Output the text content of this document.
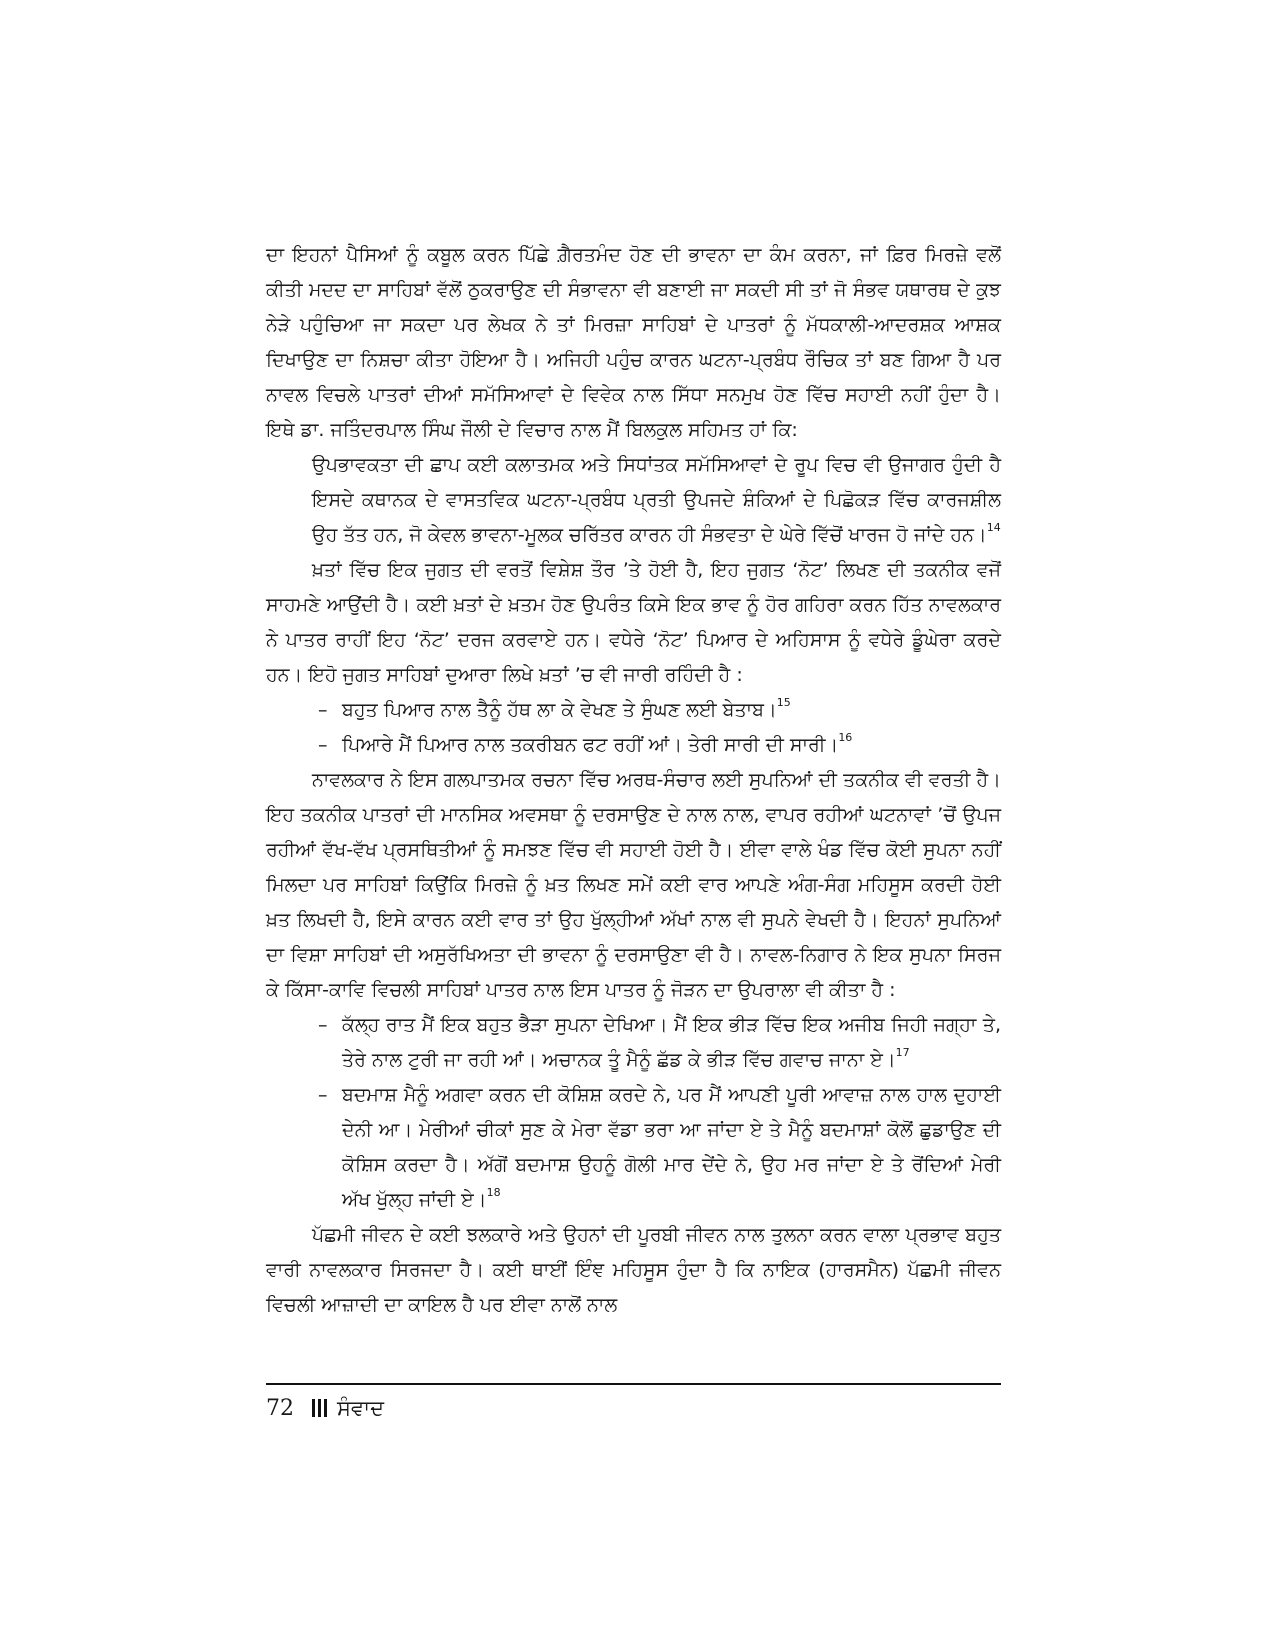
ਦਾ ਇਹਨਾਂ ਪੈਸਿਆਂ ਨੂੰ ਕਬੂਲ ਕਰਨ ਪਿੱਛੇ ਗ਼ੈਰਤਮੰਦ ਹੋਣ ਦੀ ਭਾਵਨਾ ਦਾ ਕੰਮ ਕਰਨਾ, ਜਾਂ ਫ਼ਿਰ ਮਿਰਜ਼ੇ ਵਲੋਂ ਕੀਤੀ ਮਦਦ ਦਾ ਸਾਹਿਬਾਂ ਵੱਲੋਂ ਠੁਕਰਾਉਣ ਦੀ ਸੰਭਾਵਨਾ ਵੀ ਬਣਾਈ ਜਾ ਸਕਦੀ ਸੀ ਤਾਂ ਜੋ ਸੰਭਵ ਯਥਾਰਥ ਦੇ ਕੁਝ ਨੇੜੇ ਪਹੁੰਚਿਆ ਜਾ ਸਕਦਾ ਪਰ ਲੇਖਕ ਨੇ ਤਾਂ ਮਿਰਜ਼ਾ ਸਾਹਿਬਾਂ ਦੇ ਪਾਤਰਾਂ ਨੂੰ ਮੱਧਕਾਲੀ-ਆਦਰਸ਼ਕ ਆਸ਼ਕ ਦਿਖਾਉਣ ਦਾ ਨਿਸ਼ਚਾ ਕੀਤਾ ਹੋਇਆ ਹੈ। ਅਜਿਹੀ ਪਹੁੰਚ ਕਾਰਨ ਘਟਨਾ-ਪ੍ਰਬੰਧ ਰੌਚਿਕ ਤਾਂ ਬਣ ਗਿਆ ਹੈ ਪਰ ਨਾਵਲ ਵਿਚਲੇ ਪਾਤਰਾਂ ਦੀਆਂ ਸਮੱਸਿਆਵਾਂ ਦੇ ਵਿਵੇਕ ਨਾਲ ਸਿੱਧਾ ਸਨਮੁਖ ਹੋਣ ਵਿੱਚ ਸਹਾਈ ਨਹੀਂ ਹੁੰਦਾ ਹੈ। ਇਥੇ ਡਾ. ਜਤਿੰਦਰਪਾਲ ਸਿੰਘ ਜੌਲੀ ਦੇ ਵਿਚਾਰ ਨਾਲ ਮੈਂ ਬਿਲਕੁਲ ਸਹਿਮਤ ਹਾਂ ਕਿ:

ਉਪਭਾਵਕਤਾ ਦੀ ਛਾਪ ਕਈ ਕਲਾਤਮਕ ਅਤੇ ਸਿਧਾਂਤਕ ਸਮੱਸਿਆਵਾਂ ਦੇ ਰੂਪ ਵਿਚ ਵੀ ਉਜਾਗਰ ਹੁੰਦੀ ਹੈ ਇਸਦੇ ਕਥਾਨਕ ਦੇ ਵਾਸਤਵਿਕ ਘਟਨਾ-ਪ੍ਰਬੰਧ ਪ੍ਰਤੀ ਉਪਜਦੇ ਸ਼ੰਕਿਆਂ ਦੇ ਪਿਛੋਕੜ ਵਿੱਚ ਕਾਰਜਸ਼ੀਲ ਉਹ ਤੱਤ ਹਨ, ਜੋ ਕੇਵਲ ਭਾਵਨਾ-ਮੂਲਕ ਚਰਿੱਤਰ ਕਾਰਨ ਹੀ ਸੰਭਵਤਾ ਦੇ ਘੇਰੇ ਵਿੱਚੋਂ ਖਾਰਜ ਹੋ ਜਾਂਦੇ ਹਨ।$^{14}$

ਖ਼ਤਾਂ ਵਿੱਚ ਇਕ ਜੁਗਤ ਦੀ ਵਰਤੋਂ ਵਿਸ਼ੇਸ਼ ਤੌਰ ’ਤੇ ਹੋਈ ਹੈ, ਇਹ ਜੁਗਤ ‘ਨੋਟ’ ਲਿਖਣ ਦੀ ਤਕਨੀਕ ਵਜੋਂ ਸਾਹਮਣੇ ਆਉਂਦੀ ਹੈ। ਕਈ ਖ਼ਤਾਂ ਦੇ ਖ਼ਤਮ ਹੋਣ ਉਪਰੰਤ ਕਿਸੇ ਇਕ ਭਾਵ ਨੂੰ ਹੋਰ ਗਹਿਰਾ ਕਰਨ ਹਿੱਤ ਨਾਵਲਕਾਰ ਨੇ ਪਾਤਰ ਰਾਹੀਂ ਇਹ ‘ਨੋਟ’ ਦਰਜ ਕਰਵਾਏ ਹਨ। ਵਧੇਰੇ ‘ਨੋਟ’ ਪਿਆਰ ਦੇ ਅਹਿਸਾਸ ਨੂੰ ਵਧੇਰੇ ਡੂੰਘੇਰਾ ਕਰਦੇ ਹਨ। ਇਹੋ ਜੁਗਤ ਸਾਹਿਬਾਂ ਦੁਆਰਾ ਲਿਖੇ ਖ਼ਤਾਂ ’ਚ ਵੀ ਜਾਰੀ ਰਹਿੰਦੀ ਹੈ :

– ਬਹੁਤ ਪਿਆਰ ਨਾਲ ਤੈਨੂੰ ਹੱਥ ਲਾ ਕੇ ਵੇਖਣ ਤੇ ਸੁੰਘਣ ਲਈ ਬੇਤਾਬ।$^{15}$

– ਪਿਆਰੇ ਮੈਂ ਪਿਆਰ ਨਾਲ ਤਕਰੀਬਨ ਫਟ ਰਹੀਂ ਆਂ। ਤੇਰੀ ਸਾਰੀ ਦੀ ਸਾਰੀ।$^{16}$

ਨਾਵਲਕਾਰ ਨੇ ਇਸ ਗਲਪਾਤਮਕ ਰਚਨਾ ਵਿੱਚ ਅਰਥ-ਸੰਚਾਰ ਲਈ ਸੁਪਨਿਆਂ ਦੀ ਤਕਨੀਕ ਵੀ ਵਰਤੀ ਹੈ। ਇਹ ਤਕਨੀਕ ਪਾਤਰਾਂ ਦੀ ਮਾਨਸਿਕ ਅਵਸਥਾ ਨੂੰ ਦਰਸਾਉਣ ਦੇ ਨਾਲ ਨਾਲ, ਵਾਪਰ ਰਹੀਆਂ ਘਟਨਾਵਾਂ ’ਚੋਂ ਉਪਜ ਰਹੀਆਂ ਵੱਖ-ਵੱਖ ਪ੍ਰਸਥਿਤੀਆਂ ਨੂੰ ਸਮਝਣ ਵਿੱਚ ਵੀ ਸਹਾਈ ਹੋਈ ਹੈ। ਈਵਾ ਵਾਲੇ ਖੰਡ ਵਿੱਚ ਕੋਈ ਸੁਪਨਾ ਨਹੀਂ ਮਿਲਦਾ ਪਰ ਸਾਹਿਬਾਂ ਕਿਉਂਕਿ ਮਿਰਜ਼ੇ ਨੂੰ ਖ਼ਤ ਲਿਖਣ ਸਮੇਂ ਕਈ ਵਾਰ ਆਪਣੇ ਅੰਗ-ਸੰਗ ਮਹਿਸੂਸ ਕਰਦੀ ਹੋਈ ਖ਼ਤ ਲਿਖਦੀ ਹੈ, ਇਸੇ ਕਾਰਨ ਕਈ ਵਾਰ ਤਾਂ ਉਹ ਖੁੱਲ੍ਹੀਆਂ ਅੱਖਾਂ ਨਾਲ ਵੀ ਸੁਪਨੇ ਵੇਖਦੀ ਹੈ। ਇਹਨਾਂ ਸੁਪਨਿਆਂ ਦਾ ਵਿਸ਼ਾ ਸਾਹਿਬਾਂ ਦੀ ਅਸੁਰੱਖਿਅਤਾ ਦੀ ਭਾਵਨਾ ਨੂੰ ਦਰਸਾਉਣਾ ਵੀ ਹੈ। ਨਾਵਲ-ਨਿਗਾਰ ਨੇ ਇਕ ਸੁਪਨਾ ਸਿਰਜ ਕੇ ਕਿੱਸਾ-ਕਾਵਿ ਵਿਚਲੀ ਸਾਹਿਬਾਂ ਪਾਤਰ ਨਾਲ ਇਸ ਪਾਤਰ ਨੂੰ ਜੋੜਨ ਦਾ ਉਪਰਾਲਾ ਵੀ ਕੀਤਾ ਹੈ :

– ਕੱਲ੍ਹ ਰਾਤ ਮੈਂ ਇਕ ਬਹੁਤ ਭੈੜਾ ਸੁਪਨਾ ਦੇਖਿਆ। ਮੈਂ ਇਕ ਭੀੜ ਵਿੱਚ ਇਕ ਅਜੀਬ ਜਿਹੀ ਜਗ੍ਹਾ ਤੇ, ਤੇਰੇ ਨਾਲ ਟੁਰੀ ਜਾ ਰਹੀ ਆਂ। ਅਚਾਨਕ ਤੂੰ ਮੈਨੂੰ ਛੱਡ ਕੇ ਭੀੜ ਵਿੱਚ ਗਵਾਚ ਜਾਨਾ ਏ।$^{17}$

– ਬਦਮਾਸ਼ ਮੈਨੂੰ ਅਗਵਾ ਕਰਨ ਦੀ ਕੋਸ਼ਿਸ਼ ਕਰਦੇ ਨੇ, ਪਰ ਮੈਂ ਆਪਣੀ ਪੂਰੀ ਆਵਾਜ਼ ਨਾਲ ਹਾਲ ਦੁਹਾਈ ਦੇਨੀ ਆ। ਮੇਰੀਆਂ ਚੀਕਾਂ ਸੁਣ ਕੇ ਮੇਰਾ ਵੱਡਾ ਭਰਾ ਆ ਜਾਂਦਾ ਏ ਤੇ ਮੈਨੂੰ ਬਦਮਾਸ਼ਾਂ ਕੋਲੋਂ ਛੁਡਾਉਣ ਦੀ ਕੋਸ਼ਿਸ ਕਰਦਾ ਹੈ। ਅੱਗੋਂ ਬਦਮਾਸ਼ ਉਹਨੂੰ ਗੋਲੀ ਮਾਰ ਦੇਂਦੇ ਨੇ, ਉਹ ਮਰ ਜਾਂਦਾ ਏ ਤੇ ਰੋਂਦਿਆਂ ਮੇਰੀ ਅੱਖ ਖੁੱਲ੍ਹ ਜਾਂਦੀ ਏ।$^{18}$

ਪੱਛਮੀ ਜੀਵਨ ਦੇ ਕਈ ਝਲਕਾਰੇ ਅਤੇ ਉਹਨਾਂ ਦੀ ਪੂਰਬੀ ਜੀਵਨ ਨਾਲ ਤੁਲਨਾ ਕਰਨ ਵਾਲਾ ਪ੍ਰਭਾਵ ਬਹੁਤ ਵਾਰੀ ਨਾਵਲਕਾਰ ਸਿਰਜਦਾ ਹੈ। ਕਈ ਥਾਈਂ ਇੰਞ ਮਹਿਸੂਸ ਹੁੰਦਾ ਹੈ ਕਿ ਨਾਇਕ (ਹਾਰਸਮੈਨ) ਪੱਛਮੀ ਜੀਵਨ ਵਿਚਲੀ ਆਜ਼ਾਦੀ ਦਾ ਕਾਇਲ ਹੈ ਪਰ ਈਵਾ ਨਾਲੋਂ ਨਾਲ

72 ਸੰਵਾਦ
